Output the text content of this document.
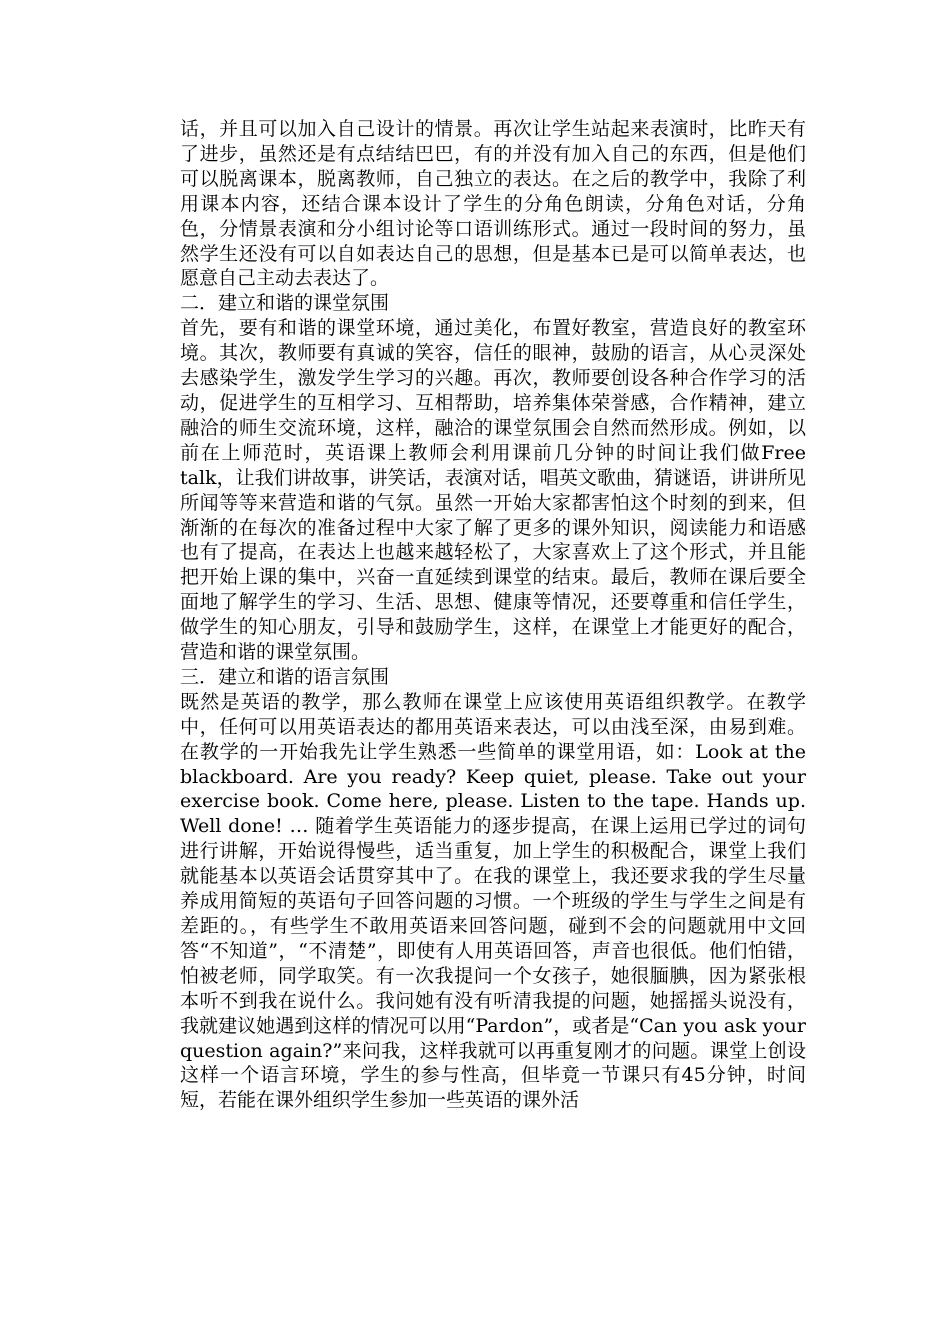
话，并且可以加入自己设计的情景。再次让学生站起来表演时，比昨天有了进步，虽然还是有点结结巴巴，有的并没有加入自己的东西，但是他们可以脱离课本，脱离教师，自己独立的表达。在之后的教学中，我除了利用课本内容，还结合课本设计了学生的分角色朗读，分角色对话，分角色，分情景表演和分小组讨论等口语训练形式。通过一段时间的努力，虽然学生还没有可以自如表达自己的思想，但是基本已是可以简单表达，也愿意自己主动去表达了。

二．建立和谐的课堂氛围

首先，要有和谐的课堂环境，通过美化，布置好教室，营造良好的教室环境。其次，教师要有真诚的笑容，信任的眼神，鼓励的语言，从心灵深处去感染学生，激发学生学习的兴趣。再次，教师要创设各种合作学习的活动，促进学生的互相学习、互相帮助，培养集体荣誉感，合作精神，建立融洽的师生交流环境，这样，融洽的课堂氛围会自然而然形成。例如，以前在上师范时，英语课上教师会利用课前几分钟的时间让我们做Free talk，让我们讲故事，讲笑话，表演对话，唱英文歌曲，猜谜语，讲讲所见所闻等等来营造和谐的气氛。虽然一开始大家都害怕这个时刻的到来，但渐渐的在每次的准备过程中大家了解了更多的课外知识，阅读能力和语感也有了提高，在表达上也越来越轻松了，大家喜欢上了这个形式，并且能把开始上课的集中，兴奋一直延续到课堂的结束。最后，教师在课后要全面地了解学生的学习、生活、思想、健康等情况，还要尊重和信任学生，做学生的知心朋友，引导和鼓励学生，这样，在课堂上才能更好的配合，营造和谐的课堂氛围。

三．建立和谐的语言氛围

既然是英语的教学，那么教师在课堂上应该使用英语组织教学。在教学中，任何可以用英语表达的都用英语来表达，可以由浅至深，由易到难。在教学的一开始我先让学生熟悉一些简单的课堂用语，如：Look at the blackboard. Are you ready? Keep quiet, please. Take out your exercise book. Come here, please. Listen to the tape. Hands up. Well done! … 随着学生英语能力的逐步提高，在课上运用已学过的词句进行讲解，开始说得慢些，适当重复，加上学生的积极配合，课堂上我们就能基本以英语会话贯穿其中了。在我的课堂上，我还要求我的学生尽量养成用简短的英语句子回答问题的习惯。一个班级的学生与学生之间是有差距的。，有些学生不敢用英语来回答问题，碰到不会的问题就用中文回答“不知道”，“不清楚”，即使有人用英语回答，声音也很低。他们怕错，怕被老师，同学取笑。有一次我提问一个女孩子，她很腼腆，因为紧张根本听不到我在说什么。我问她有没有听清我提的问题，她摇摇头说没有，我就建议她遇到这样的情况可以用“Pardon”，或者是“Can you ask your question again?”来问我，这样我就可以再重复刚才的问题。课堂上创设这样一个语言环境，学生的参与性高，但毕竟一节课只有45分钟，时间短，若能在课外组织学生参加一些英语的课外活
